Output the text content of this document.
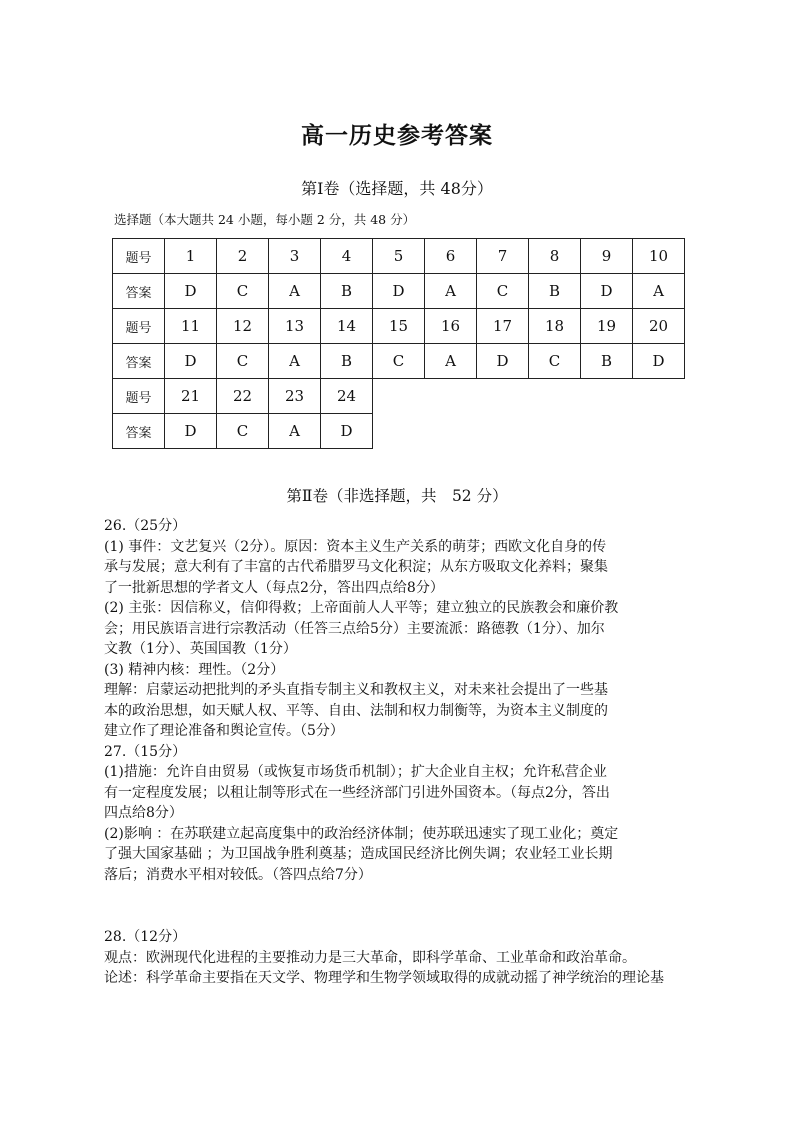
高一历史参考答案
第Ⅰ卷（选择题，共 48分）
选择题（本大题共 24 小题，每小题 2 分，共 48 分）
题号	1	2	3	4	5	6	7	8	9	10
答案	D	C	A	B	D	A	C	B	D	A
题号	11	12	13	14	15	16	17	18	19	20
答案	D	C	A	B	C	A	D	C	B	D
题号	21	22	23	24						
答案	D	C	A	D						
第Ⅱ卷（非选择题，共　52 分）

26.（25分）

(1) 事件：文艺复兴（2分）。原因：资本主义生产关系的萌芽；西欧文化自身的传

承与发展；意大利有了丰富的古代希腊罗马文化积淀；从东方吸取文化养料；聚集

了一批新思想的学者文人（每点2分，答出四点给8分）

(2) 主张：因信称义，信仰得救；上帝面前人人平等；建立独立的民族教会和廉价教

会；用民族语言进行宗教活动（任答三点给5分）主要流派：路德教（1分）、加尔

文教（1分）、英国国教（1分）

(3) 精神内核：理性。（2分）

理解：启蒙运动把批判的矛头直指专制主义和教权主义，对未来社会提出了一些基

本的政治思想，如天赋人权、平等、自由、法制和权力制衡等，为资本主义制度的

建立作了理论准备和舆论宣传。（5分）

27.（15分）

(1)措施：允许自由贸易（或恢复市场货币机制）；扩大企业自主权；允许私营企业

有一定程度发展；以租让制等形式在一些经济部门引进外国资本。（每点2分，答出

四点给8分）

(2)影响 ：在苏联建立起高度集中的政治经济体制；使苏联迅速实了现工业化；奠定

了强大国家基础 ；为卫国战争胜利奠基；造成国民经济比例失调；农业轻工业长期

落后；消费水平相对较低。（答四点给7分）

28.（12分）

观点：欧洲现代化进程的主要推动力是三大革命，即科学革命、工业革命和政治革命。

论述：科学革命主要指在天文学、物理学和生物学领域取得的成就动摇了神学统治的理论基
